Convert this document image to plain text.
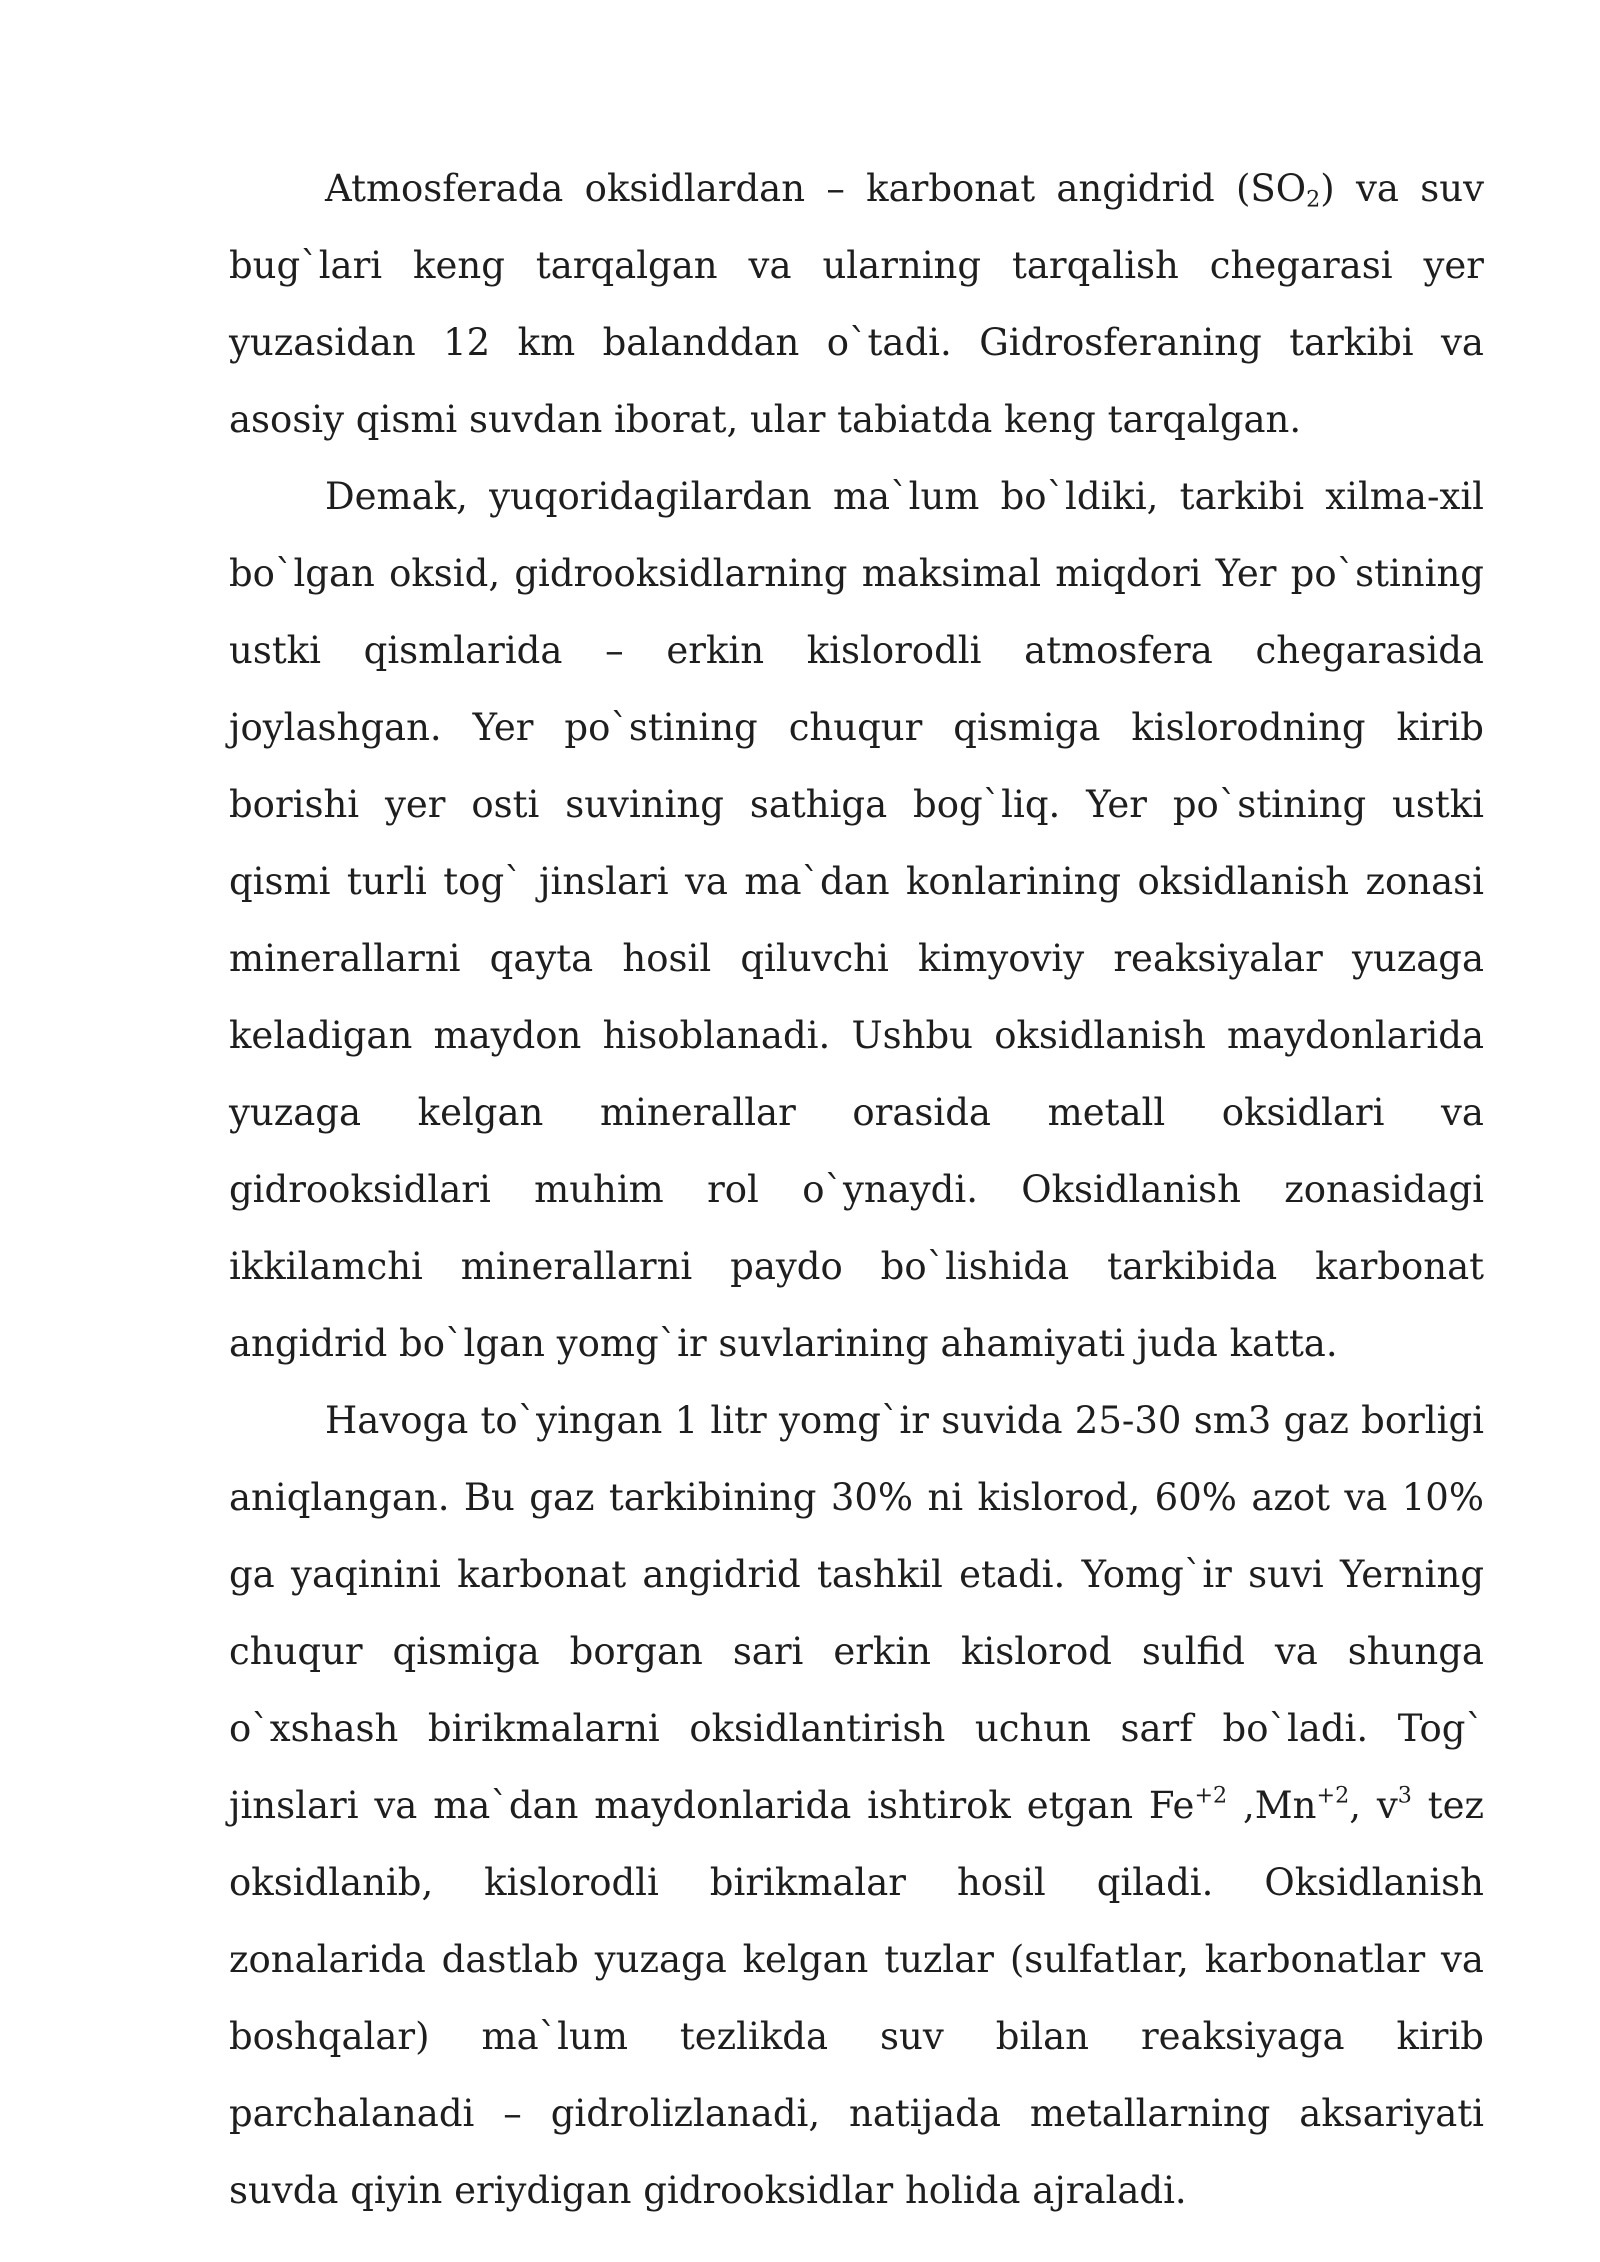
Atmosferada oksidlardan – karbonat angidrid $(SO_2)$ va suv bug`lari keng tarqalgan va ularning tarqalish chegarasi yer yuzasidan 12 km balanddan o`tadi. Gidrosferaning tarkibi va asosiy qismi suvdan iborat, ular tabiatda keng tarqalgan.

Demak, yuqoridagilardan ma`lum bo`ldiki, tarkibi xilma-xil bo`lgan oksid, gidrooksidlarning maksimal miqdori Yer po`stining ustki qismlarida – erkin kislorodli atmosfera chegarasida joylashgan. Yer po`stining chuqur qismiga kislorodning kirib borishi yer osti suvining sathiga bog`liq. Yer po`stining ustki qismi turli tog` jinslari va ma`dan konlarining oksidlanish zonasi minerallarni qayta hosil qiluvchi kimyoviy reaksiyalar yuzaga keladigan maydon hisoblanadi. Ushbu oksidlanish maydonlarida yuzaga kelgan minerallar orasida metall oksidlari va gidrooksidlari muhim rol o`ynaydi. Oksidlanish zonasidagi ikkilamchi minerallarni paydo bo`lishida tarkibida karbonat angidrid bo`lgan yomg`ir suvlarining ahamiyati juda katta.

Havoga to`yingan 1 litr yomg`ir suvida 25-30 sm3 gaz borligi aniqlangan. Bu gaz tarkibining 30% ni kislorod, 60% azot va 10% ga yaqinini karbonat angidrid tashkil etadi. Yomg`ir suvi Yerning chuqur qismiga borgan sari erkin kislorod sulfid va shunga o`xshash birikmalarni oksidlantirish uchun sarf bo`ladi. Tog` jinslari va ma`dan maydonlarida ishtirok etgan $Fe^{+2}$ $,Mn^{+2}$, $v^3$ tez oksidlanib, kislorodli birikmalar hosil qiladi. Oksidlanish zonalarida dastlab yuzaga kelgan tuzlar (sulfatlar, karbonatlar va boshqalar) ma`lum tezlikda suv bilan reaksiyaga kirib parchalanadi – gidrolizlanadi, natijada metallarning aksariyati suvda qiyin eriydigan gidrooksidlar holida ajraladi.
